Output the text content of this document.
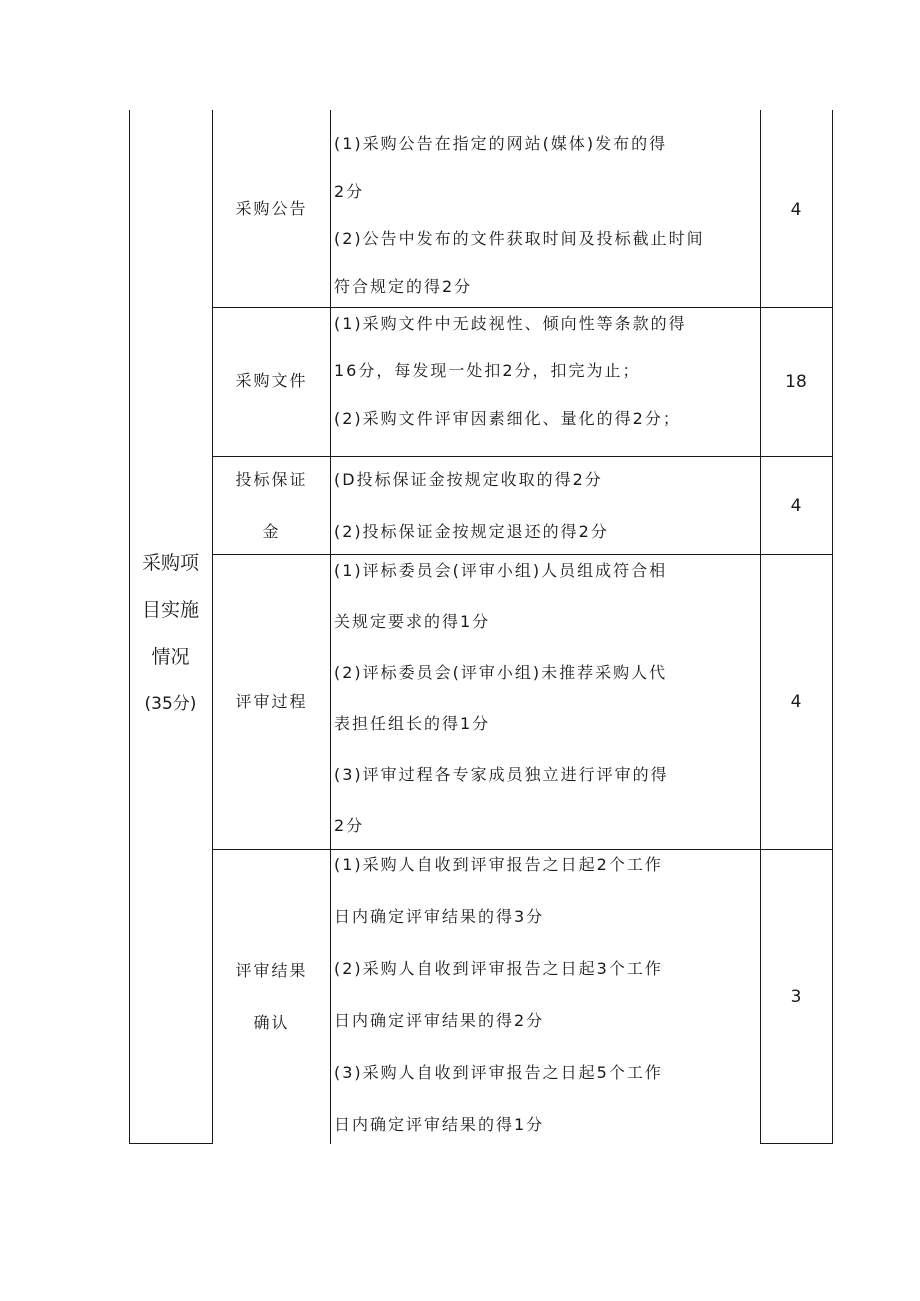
采购项
目实施
情况
(35分)
采购公告
(1)采购公告在指定的网站(媒体)发布的得
2分
(2)公告中发布的文件获取时间及投标截止时间
符合规定的得2分
4
采购文件
(1)采购文件中无歧视性、倾向性等条款的得
16分，每发现一处扣2分，扣完为止；
(2)采购文件评审因素细化、量化的得2分；
18
投标保证
金
(D投标保证金按规定收取的得2分
(2)投标保证金按规定退还的得2分
4
评审过程
(1)评标委员会(评审小组)人员组成符合相
关规定要求的得1分
(2)评标委员会(评审小组)未推荐采购人代
表担任组长的得1分
(3)评审过程各专家成员独立进行评审的得
2分
4
评审结果
确认
(1)采购人自收到评审报告之日起2个工作
日内确定评审结果的得3分
(2)采购人自收到评审报告之日起3个工作
日内确定评审结果的得2分
(3)采购人自收到评审报告之日起5个工作
日内确定评审结果的得1分
3
